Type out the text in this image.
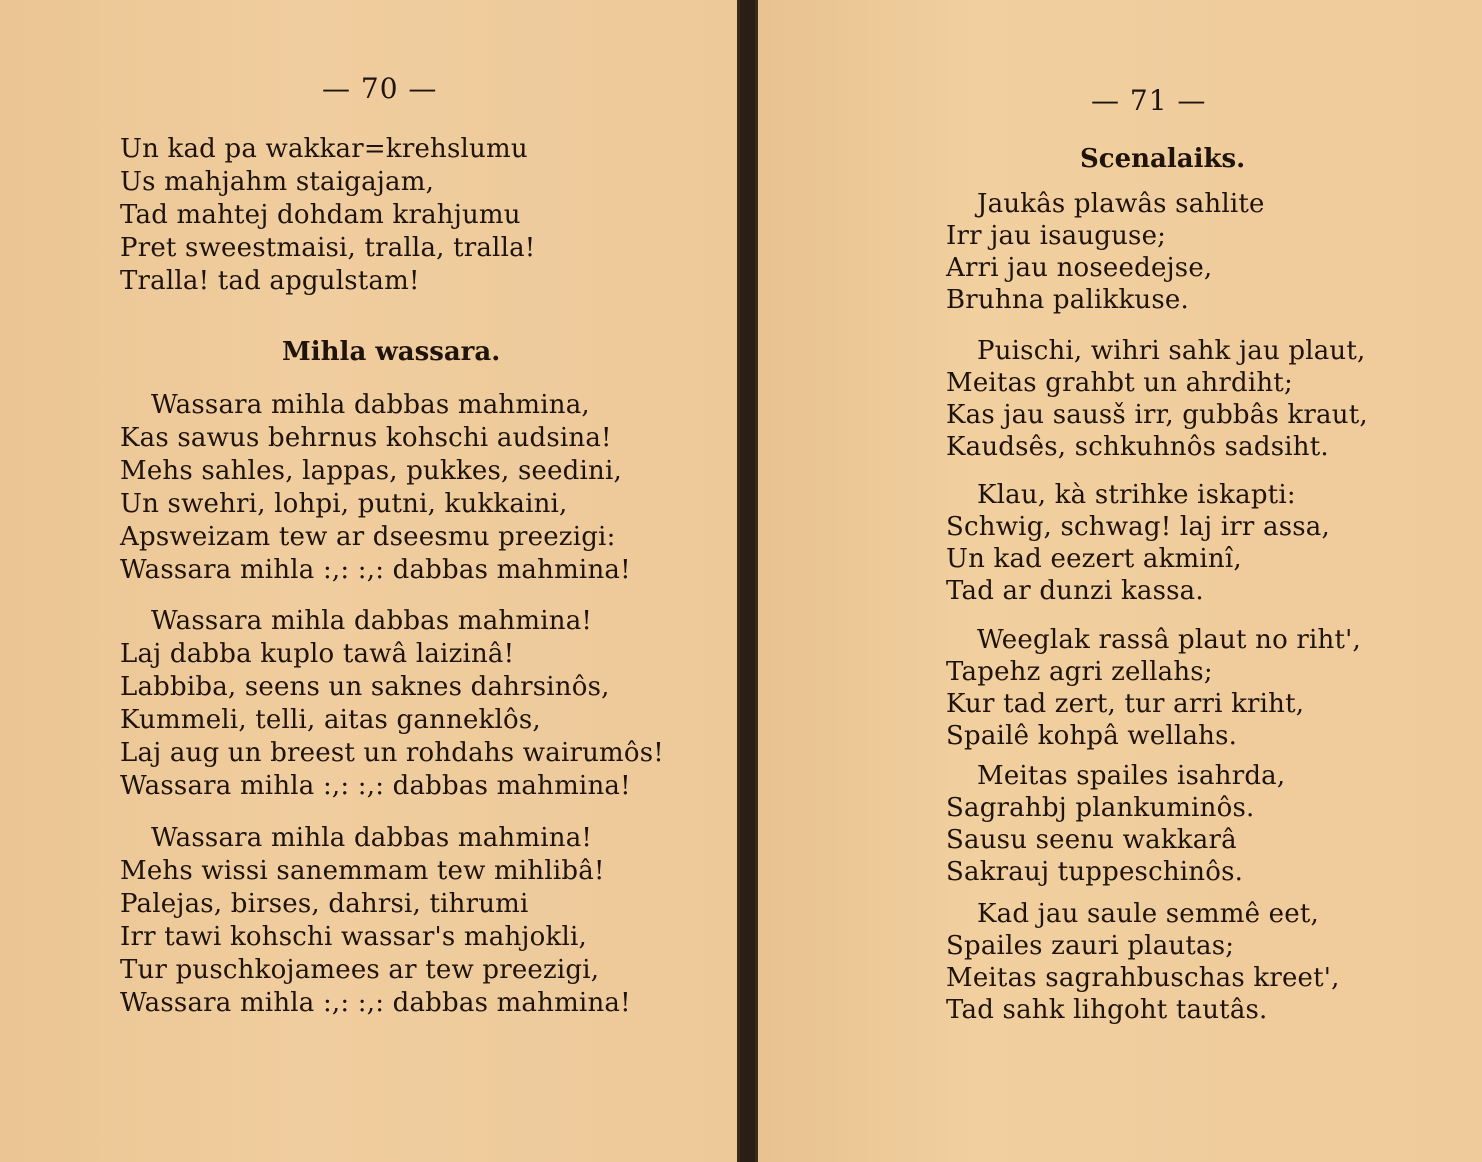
— 70 —
Un kad pa wakkar=krehslumu
Us mahjahm staigajam,
Tad mahtej dohdam krahjumu
Pret sweestmaisi, tralla, tralla!
Tralla! tad apgulstam!
Mihla wassara.
Wassara mihla dabbas mahmina,
Kas sawus behrnus kohschi audsina!
Mehs sahles, lappas, pukkes, seedini,
Un swehri, lohpi, putni, kukkaini,
Apsweizam tew ar dseesmu preezigi:
Wassara mihla :,: :,: dabbas mahmina!
Wassara mihla dabbas mahmina!
Laj dabba kuplo tawâ laizinâ!
Labbiba, seens un saknes dahrsinôs,
Kummeli, telli, aitas ganneklôs,
Laj aug un breest un rohdahs wairumôs!
Wassara mihla :,: :,: dabbas mahmina!
Wassara mihla dabbas mahmina!
Mehs wissi sanemmam tew mihlibâ!
Palejas, birses, dahrsi, tihrumi
Irr tawi kohschi wassar's mahjokli,
Tur puschkojamees ar tew preezigi,
Wassara mihla :,: :,: dabbas mahmina!
— 71 —
Scenalaiks.
Jaukâs plawâs sahlite
Irr jau isauguse;
Arri jau noseedejse,
Bruhna palikkuse.
Puischi, wihri sahk jau plaut,
Meitas grahbt un ahrdiht;
Kas jau sausš irr, gubbâs kraut,
Kaudsês, schkuhnôs sadsiht.
Klau, kà strihke iskapti:
Schwig, schwag! laj irr assa,
Un kad eezert akminî,
Tad ar dunzi kassa.
Weeglak rassâ plaut no riht',
Tapehz agri zellahs;
Kur tad zert, tur arri kriht,
Spailê kohpâ wellahs.
Meitas spailes isahrda,
Sagrahbj plankuminôs.
Sausu seenu wakkarâ
Sakrauj tuppeschinôs.
Kad jau saule semmê eet,
Spailes zauri plautas;
Meitas sagrahbuschas kreet',
Tad sahk lihgoht tautâs.
